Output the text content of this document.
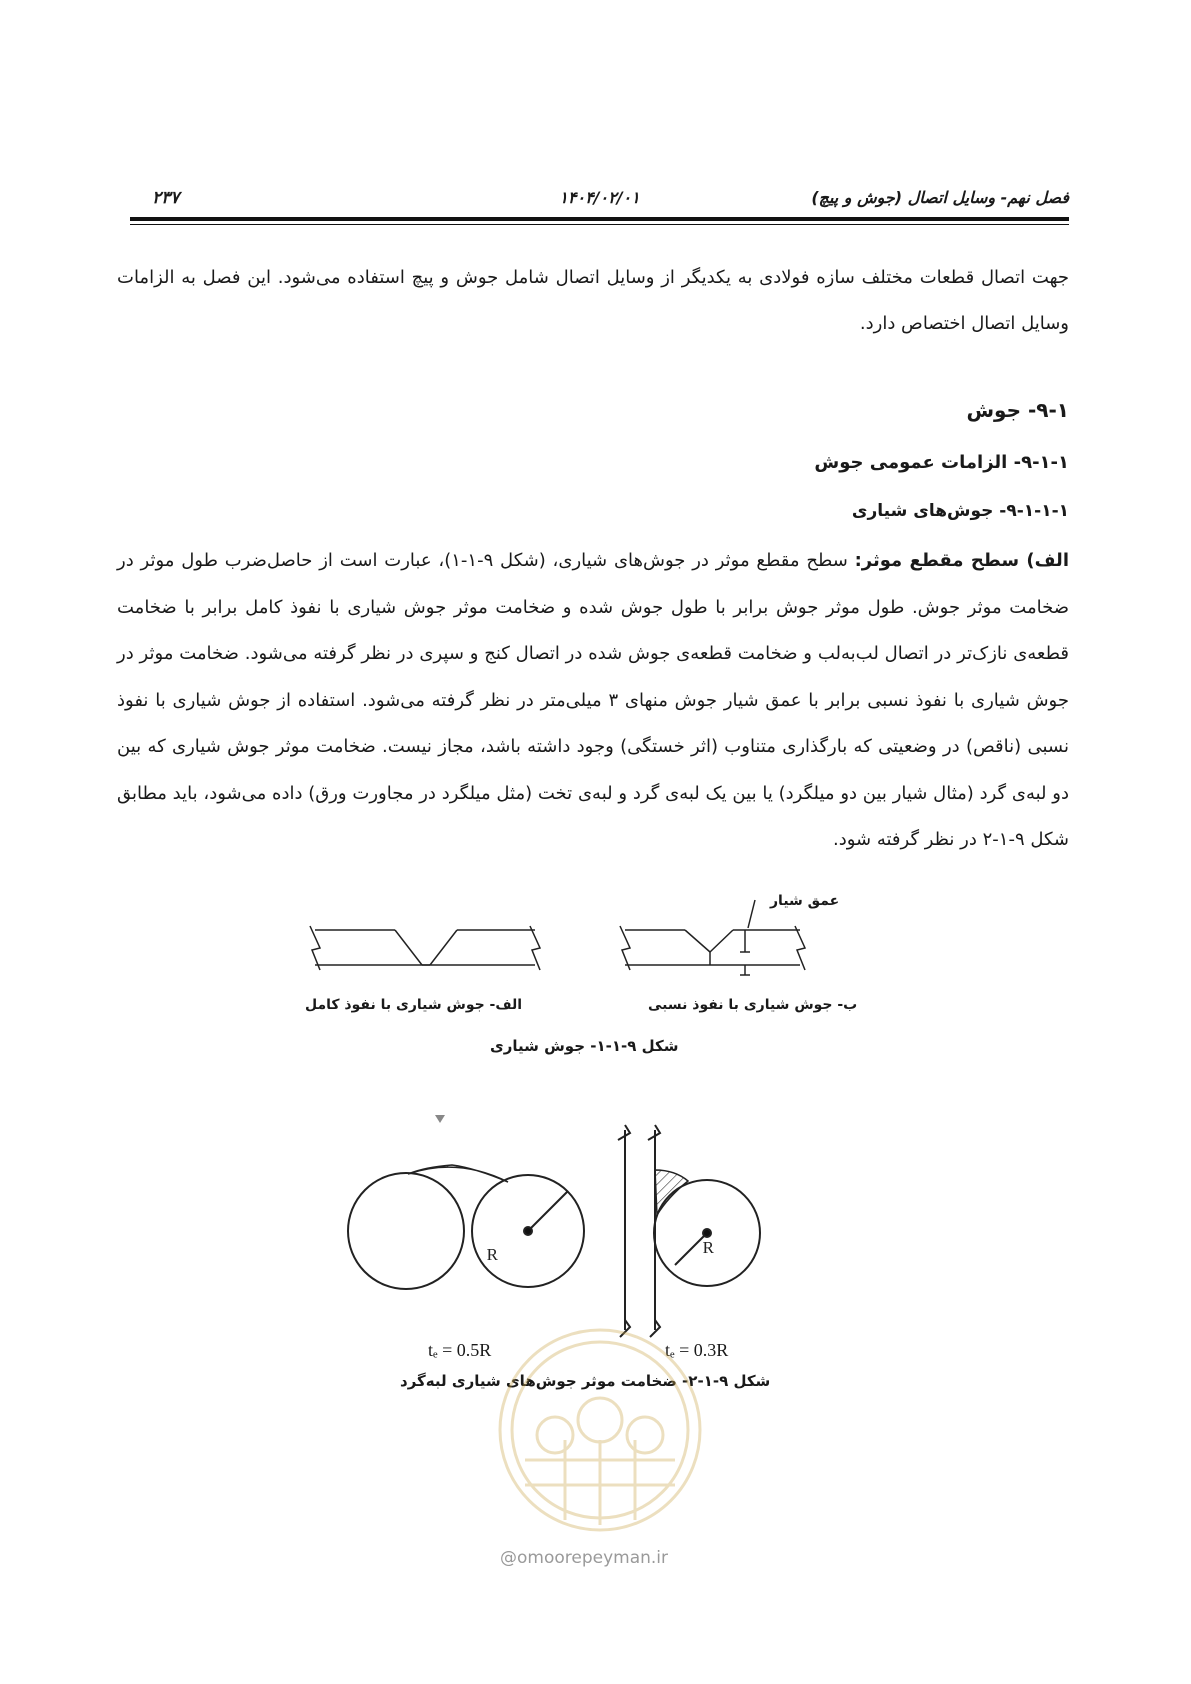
۲۳۷	۱۴۰۴/۰۲/۰۱	فصل نهم- وسایل اتصال (جوش و پیچ)

جهت اتصال قطعات مختلف سازه فولادی به یکدیگر از وسایل اتصال شامل جوش و پیچ استفاده می‌شود. این فصل به الزامات وسایل اتصال اختصاص دارد.

۹-۱- جوش
۹-۱-۱- الزامات عمومی جوش
۹-۱-۱-۱- جوش‌های شیاری

الف) سطح مقطع موثر: سطح مقطع موثر در جوش‌های شیاری، (شکل ۹-۱-۱)، عبارت است از حاصل‌ضرب طول موثر در ضخامت موثر جوش. طول موثر جوش برابر با طول جوش شده و ضخامت موثر جوش شیاری با نفوذ کامل برابر با ضخامت قطعه‌ی نازک‌تر در اتصال لب‌به‌لب و ضخامت قطعه‌ی جوش شده در اتصال کنج و سپری در نظر گرفته می‌شود. ضخامت موثر در جوش شیاری با نفوذ نسبی برابر با عمق شیار جوش منهای ۳ میلی‌متر در نظر گرفته می‌شود. استفاده از جوش شیاری با نفوذ نسبی (ناقص) در وضعیتی که بارگذاری متناوب (اثر خستگی) وجود داشته باشد، مجاز نیست. ضخامت موثر جوش شیاری که بین دو لبه‌ی گرد (مثال شیار بین دو میلگرد) یا بین یک لبه‌ی گرد و لبه‌ی تخت (مثل میلگرد در مجاورت ورق) داده می‌شود، باید مطابق شکل ۹-۱-۲ در نظر گرفته شود.

عمق شیار
الف- جوش شیاری با نفوذ کامل	ب- جوش شیاری با نفوذ نسبی
شکل ۹-۱-۱- جوش شیاری
R	R
tₑ = 0.5R	tₑ = 0.3R
شکل ۹-۱-۲- ضخامت موثر جوش‌های شیاری لبه‌گرد
@omoorepeyman.ir
